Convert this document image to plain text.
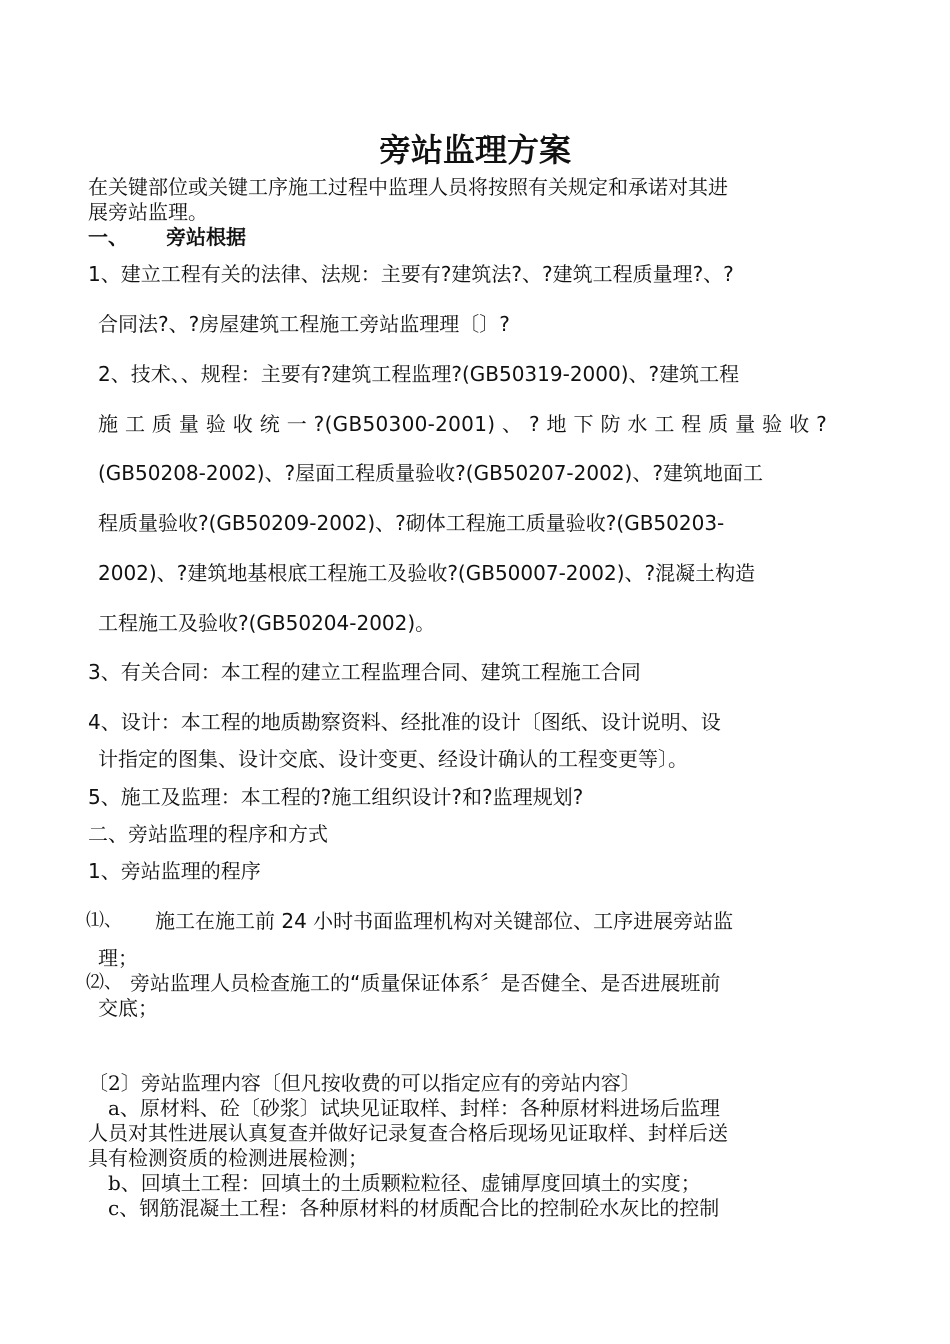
旁站监理方案
在关键部位或关键工序施工过程中监理人员将按照有关规定和承诺对其进
展旁站监理。
一、 旁站根据
1、建立工程有关的法律、法规：主要有?建筑法?、?建筑工程质量理?、?
合同法?、?房屋建筑工程施工旁站监理理〔〕?
2、技术、、规程：主要有?建筑工程监理?(GB50319-2000)、?建筑工程
施 工 质 量 验 收 统 一 ?(GB50300-2001) 、 ? 地 下 防 水 工 程 质 量 验 收 ?
(GB50208-2002)、?屋面工程质量验收?(GB50207-2002)、?建筑地面工
程质量验收?(GB50209-2002)、?砌体工程施工质量验收?(GB50203-
2002)、?建筑地基根底工程施工及验收?(GB50007-2002)、?混凝土构造
工程施工及验收?(GB50204-2002)。
3、有关合同：本工程的建立工程监理合同、建筑工程施工合同
4、设计：本工程的地质勘察资料、经批准的设计〔图纸、设计说明、设
计指定的图集、设计交底、设计变更、经设计确认的工程变更等〕。
5、施工及监理：本工程的?施工组织设计?和?监理规划?
二、旁站监理的程序和方式
1、旁站监理的程序
⑴、 施工在施工前 24 小时书面监理机构对关键部位、工序进展旁站监
理；
⑵、 旁站监理人员检查施工的“质量保证体系〞是否健全、是否进展班前
交底；
〔2〕旁站监理内容〔但凡按收费的可以指定应有的旁站内容〕
a、原材料、砼〔砂浆〕试块见证取样、封样：各种原材料进场后监理
人员对其性进展认真复查并做好记录复查合格后现场见证取样、封样后送
具有检测资质的检测进展检测；
b、回填土工程：回填土的土质颗粒粒径、虚铺厚度回填土的实度；
c、钢筋混凝土工程：各种原材料的材质配合比的控制砼水灰比的控制
